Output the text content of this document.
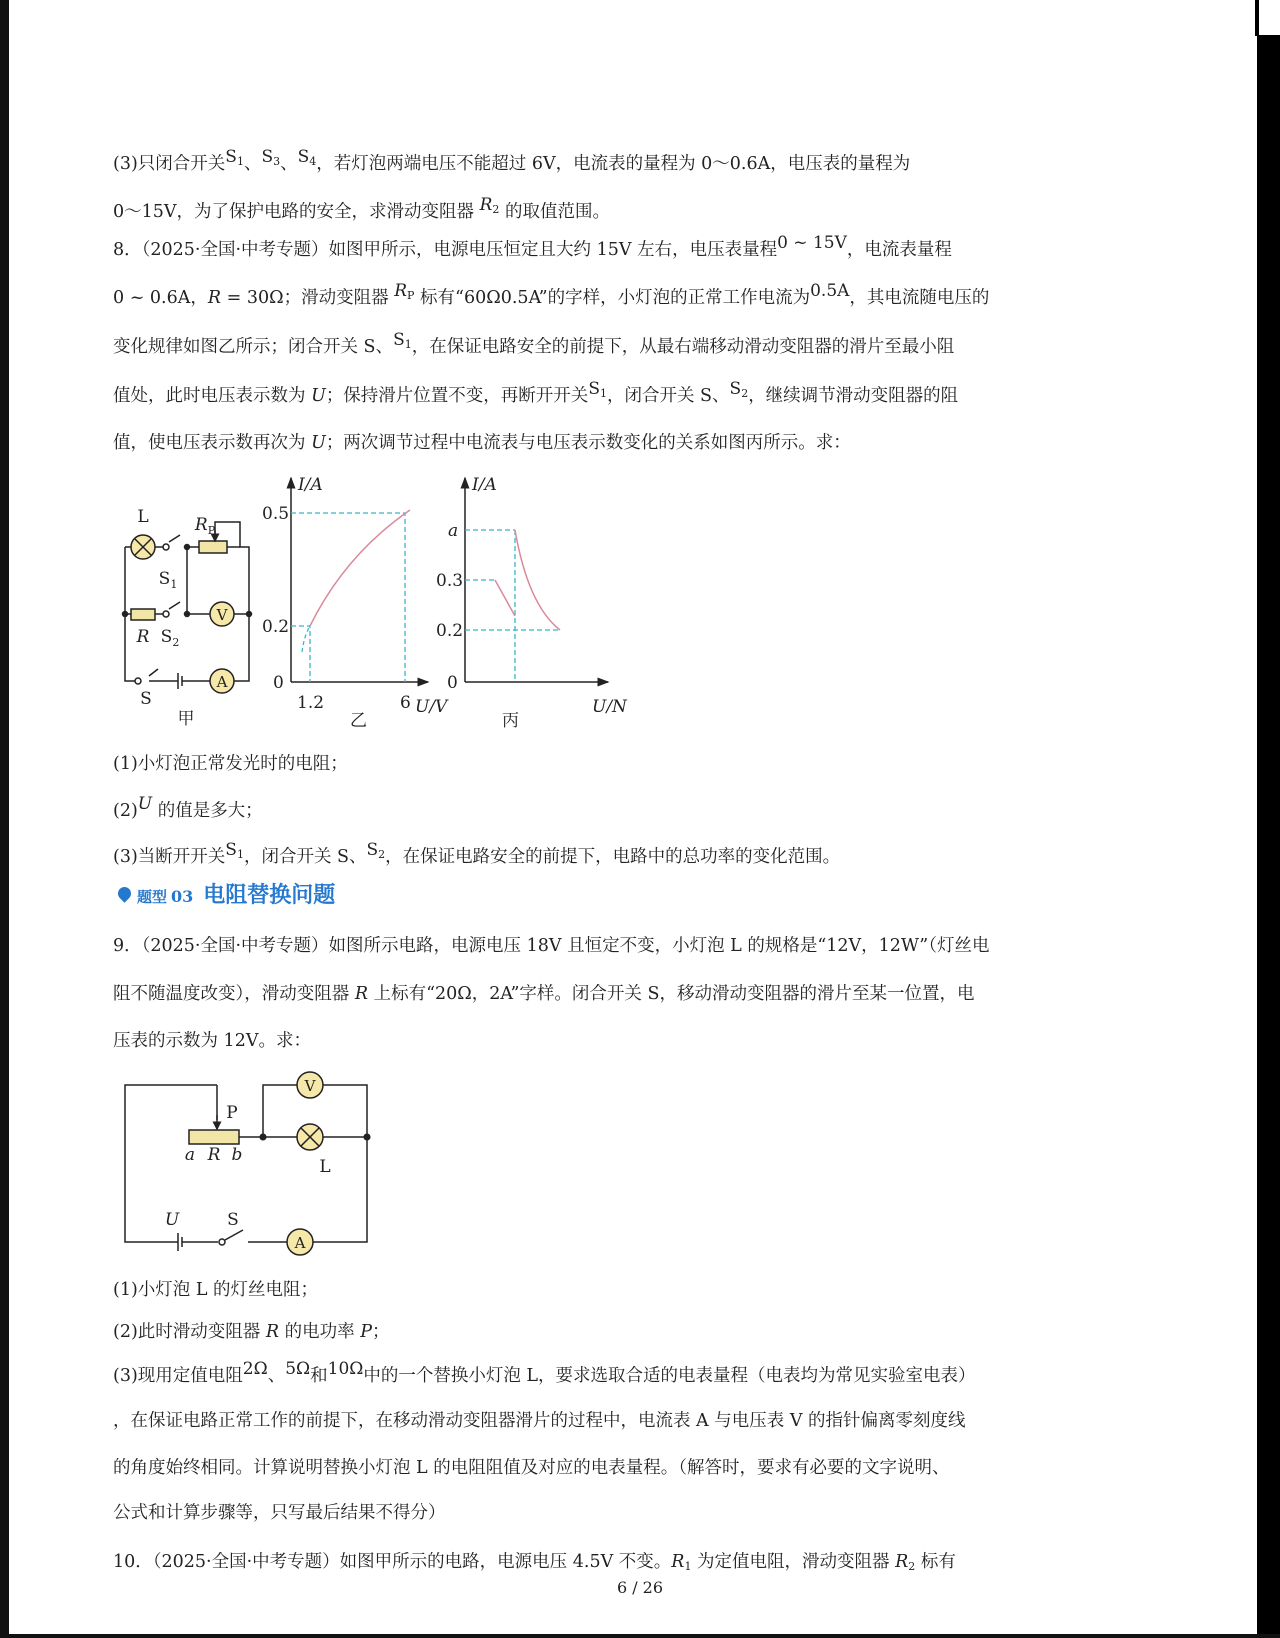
(3)只闭合开关$S_1$、$S_3$、$S_4$，若灯泡两端电压不能超过 6V，电流表的量程为 0～0.6A，电压表的量程为
0～15V，为了保护电路的安全，求滑动变阻器 $R_2$ 的取值范围。
8．（2025·全国·中考专题）如图甲所示，电源电压恒定且大约 15V 左右，电压表量程0 ~ 15V，电流表量程
0 ~ 0.6A，R = 30Ω；滑动变阻器 $R_P$ 标有“60Ω0.5A”的字样，小灯泡的正常工作电流为0.5A，其电流随电压的
变化规律如图乙所示；闭合开关 S、$S_1$，在保证电路安全的前提下，从最右端移动滑动变阻器的滑片至最小阻
值处，此时电压表示数为 U；保持滑片位置不变，再断开开关$S_1$，闭合开关 S、$S_2$，继续调节滑动变阻器的阻
值，使电压表示数再次为 U；两次调节过程中电流表与电压表示数变化的关系如图丙所示。求：
(1)小灯泡正常发光时的电阻；
(2)U 的值是多大；
(3)当断开开关$S_1$，闭合开关 S、$S_2$，在保证电路安全的前提下，电路中的总功率的变化范围。
9．（2025·全国·中考专题）如图所示电路，电源电压 18V 且恒定不变，小灯泡 L 的规格是“12V，12W”（灯丝电
阻不随温度改变），滑动变阻器 R 上标有“20Ω，2A”字样。闭合开关 S，移动滑动变阻器的滑片至某一位置，电
压表的示数为 12V。求：
(1)小灯泡 L 的灯丝电阻；
(2)此时滑动变阻器 R 的电功率 P；
(3)现用定值电阻2Ω、5Ω和10Ω中的一个替换小灯泡 L，要求选取合适的电表量程（电表均为常见实验室电表）
，在保证电路正常工作的前提下，在移动滑动变阻器滑片的过程中，电流表 A 与电压表 V 的指针偏离零刻度线
的角度始终相同。计算说明替换小灯泡 L 的电阻阻值及对应的电表量程。（解答时，要求有必要的文字说明、
公式和计算步骤等，只写最后结果不得分）
10．（2025·全国·中考专题）如图甲所示的电路，电源电压 4.5V 不变。$R_1$ 为定值电阻，滑动变阻器 $R_2$ 标有
题型 03 电阻替换问题
L	$R_P$
$S_1$
R $S_2$
V
A
S
甲
I/A
0.5
0.2
0
1.2	6 U/V
乙
I/A
a
0.3
0.2
0
U/N
丙
P
a R b
V
L
U	S
A
6 / 26
